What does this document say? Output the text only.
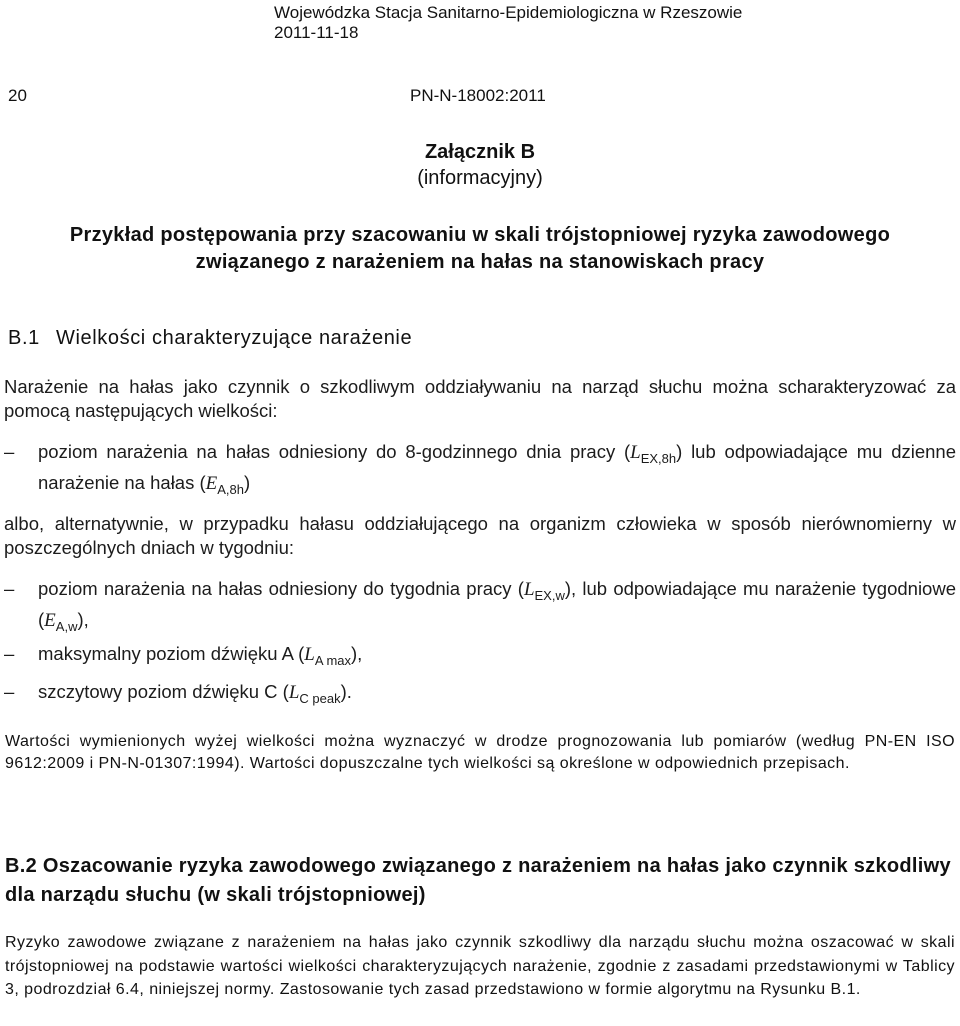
Wojewódzka Stacja Sanitarno-Epidemiologiczna w Rzeszowie
2011-11-18
20	PN-N-18002:2011
Załącznik B
(informacyjny)
Przykład postępowania przy szacowaniu w skali trójstopniowej ryzyka zawodowego
związanego z narażeniem na hałas na stanowiskach pracy
B.1 Wielkości charakteryzujące narażenie
Narażenie na hałas jako czynnik o szkodliwym oddziaływaniu na narząd słuchu można scharakteryzować za pomocą następujących wielkości:
–	poziom narażenia na hałas odniesiony do 8-godzinnego dnia pracy $(L_{EX,8h})$ lub odpowiadające mu dzienne narażenie na hałas $(E_{A,8h})$
albo, alternatywnie, w przypadku hałasu oddziałującego na organizm człowieka w sposób nierównomierny w poszczególnych dniach w tygodniu:
–	poziom narażenia na hałas odniesiony do tygodnia pracy $(L_{EX,w})$, lub odpowiadające mu narażenie tygodniowe $(E_{A,w})$,
–	maksymalny poziom dźwięku A $(L_{A max})$,
–	szczytowy poziom dźwięku C $(L_{C peak})$.
Wartości wymienionych wyżej wielkości można wyznaczyć w drodze prognozowania lub pomiarów (według PN-EN ISO 9612:2009 i PN-N-01307:1994). Wartości dopuszczalne tych wielkości są określone w odpowiednich przepisach.
B.2 Oszacowanie ryzyka zawodowego związanego z narażeniem na hałas jako czynnik szkodliwy dla narządu słuchu (w skali trójstopniowej)
Ryzyko zawodowe związane z narażeniem na hałas jako czynnik szkodliwy dla narządu słuchu można oszacować w skali trójstopniowej na podstawie wartości wielkości charakteryzujących narażenie, zgodnie z zasadami przedstawionymi w Tablicy 3, podrozdział 6.4, niniejszej normy. Zastosowanie tych zasad przedstawiono w formie algorytmu na Rysunku B.1.
